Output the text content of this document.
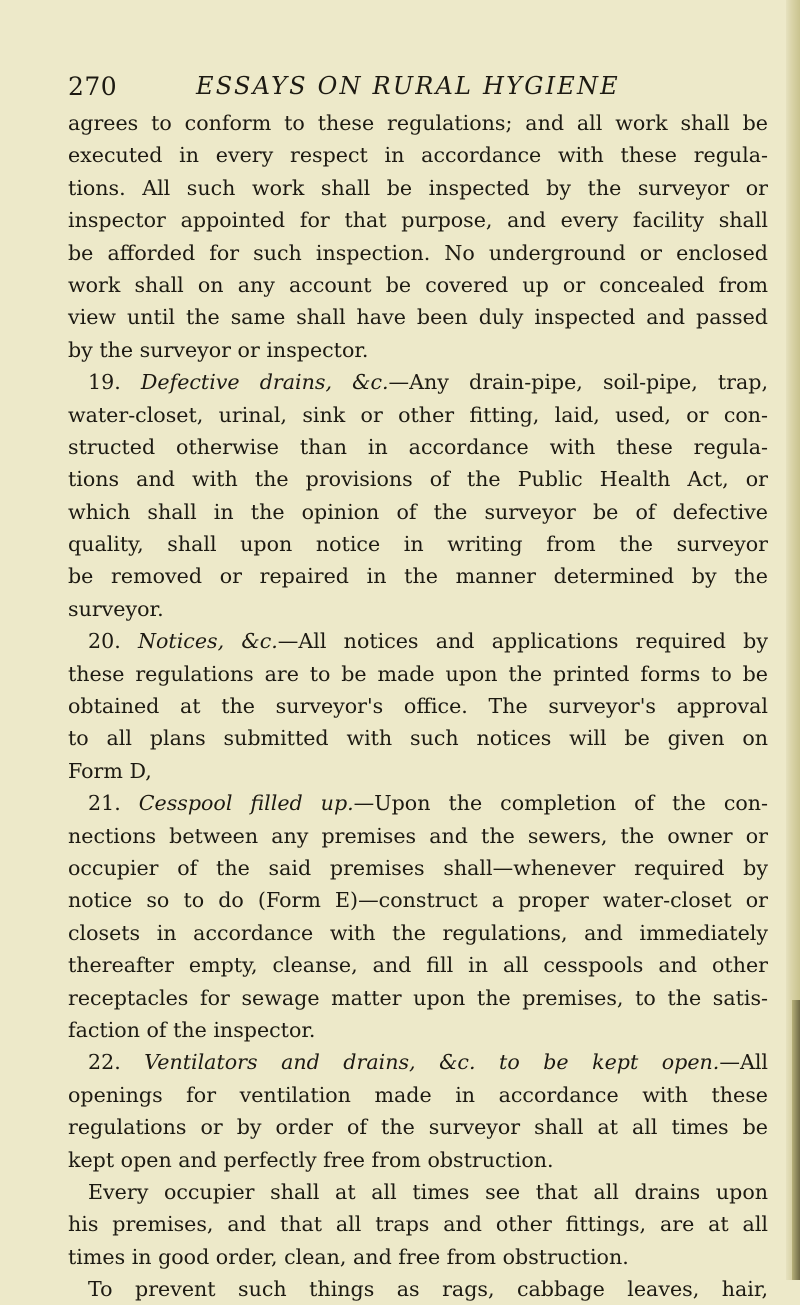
270	ESSAYS ON RURAL HYGIENE
agrees to conform to these regulations; and all work shall be
executed in every respect in accordance with these regula-
tions. All such work shall be inspected by the surveyor or
inspector appointed for that purpose, and every facility shall
be afforded for such inspection. No underground or enclosed
work shall on any account be covered up or concealed from
view until the same shall have been duly inspected and passed
by the surveyor or inspector.
19. Defective drains, &c.—Any drain-pipe, soil-pipe, trap,
water-closet, urinal, sink or other fitting, laid, used, or con-
structed otherwise than in accordance with these regula-
tions and with the provisions of the Public Health Act, or
which shall in the opinion of the surveyor be of defective
quality, shall upon notice in writing from the surveyor
be removed or repaired in the manner determined by the
surveyor.
20. Notices, &c.—All notices and applications required by
these regulations are to be made upon the printed forms to be
obtained at the surveyor's office. The surveyor's approval
to all plans submitted with such notices will be given on
Form D,
21. Cesspool filled up.—Upon the completion of the con-
nections between any premises and the sewers, the owner or
occupier of the said premises shall—whenever required by
notice so to do (Form E)—construct a proper water-closet or
closets in accordance with the regulations, and immediately
thereafter empty, cleanse, and fill in all cesspools and other
receptacles for sewage matter upon the premises, to the satis-
faction of the inspector.
22. Ventilators and drains, &c. to be kept open.—All
openings for ventilation made in accordance with these
regulations or by order of the surveyor shall at all times be
kept open and perfectly free from obstruction.
Every occupier shall at all times see that all drains upon
his premises, and that all traps and other fittings, are at all
times in good order, clean, and free from obstruction.
To prevent such things as rags, cabbage leaves, hair,
